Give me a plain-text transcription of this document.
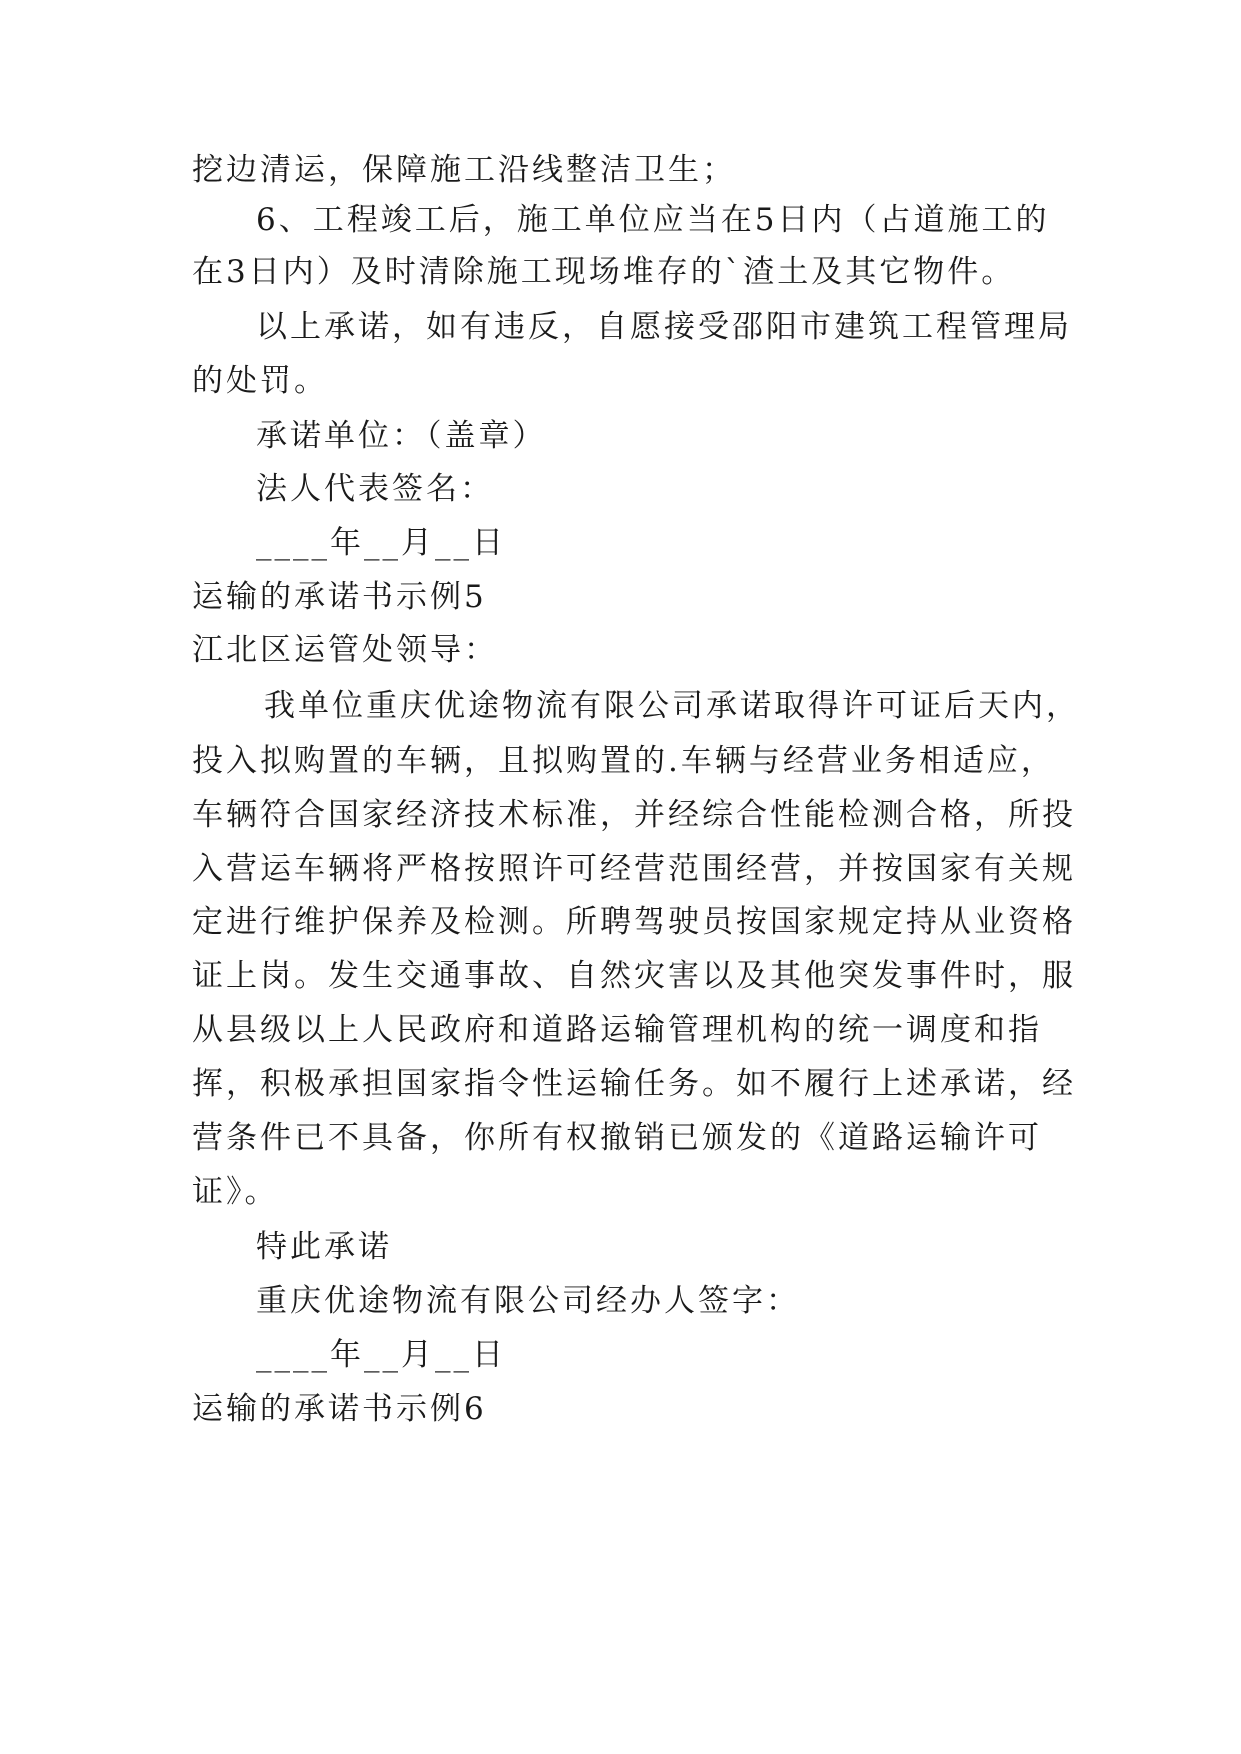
挖边清运，保障施工沿线整洁卫生；
6、工程竣工后，施工单位应当在5日内（占道施工的
在3日内）及时清除施工现场堆存的`渣土及其它物件。
以上承诺，如有违反，自愿接受邵阳市建筑工程管理局
的处罚。
承诺单位：（盖章）
法人代表签名：
____年__月__日
运输的承诺书示例5
江北区运管处领导：
我单位重庆优途物流有限公司承诺取得许可证后天内，
投入拟购置的车辆，且拟购置的.车辆与经营业务相适应，
车辆符合国家经济技术标准，并经综合性能检测合格，所投
入营运车辆将严格按照许可经营范围经营，并按国家有关规
定进行维护保养及检测。所聘驾驶员按国家规定持从业资格
证上岗。发生交通事故、自然灾害以及其他突发事件时，服
从县级以上人民政府和道路运输管理机构的统一调度和指
挥，积极承担国家指令性运输任务。如不履行上述承诺，经
营条件已不具备，你所有权撤销已颁发的《道路运输许可
证》。
特此承诺
重庆优途物流有限公司经办人签字：
____年__月__日
运输的承诺书示例6
